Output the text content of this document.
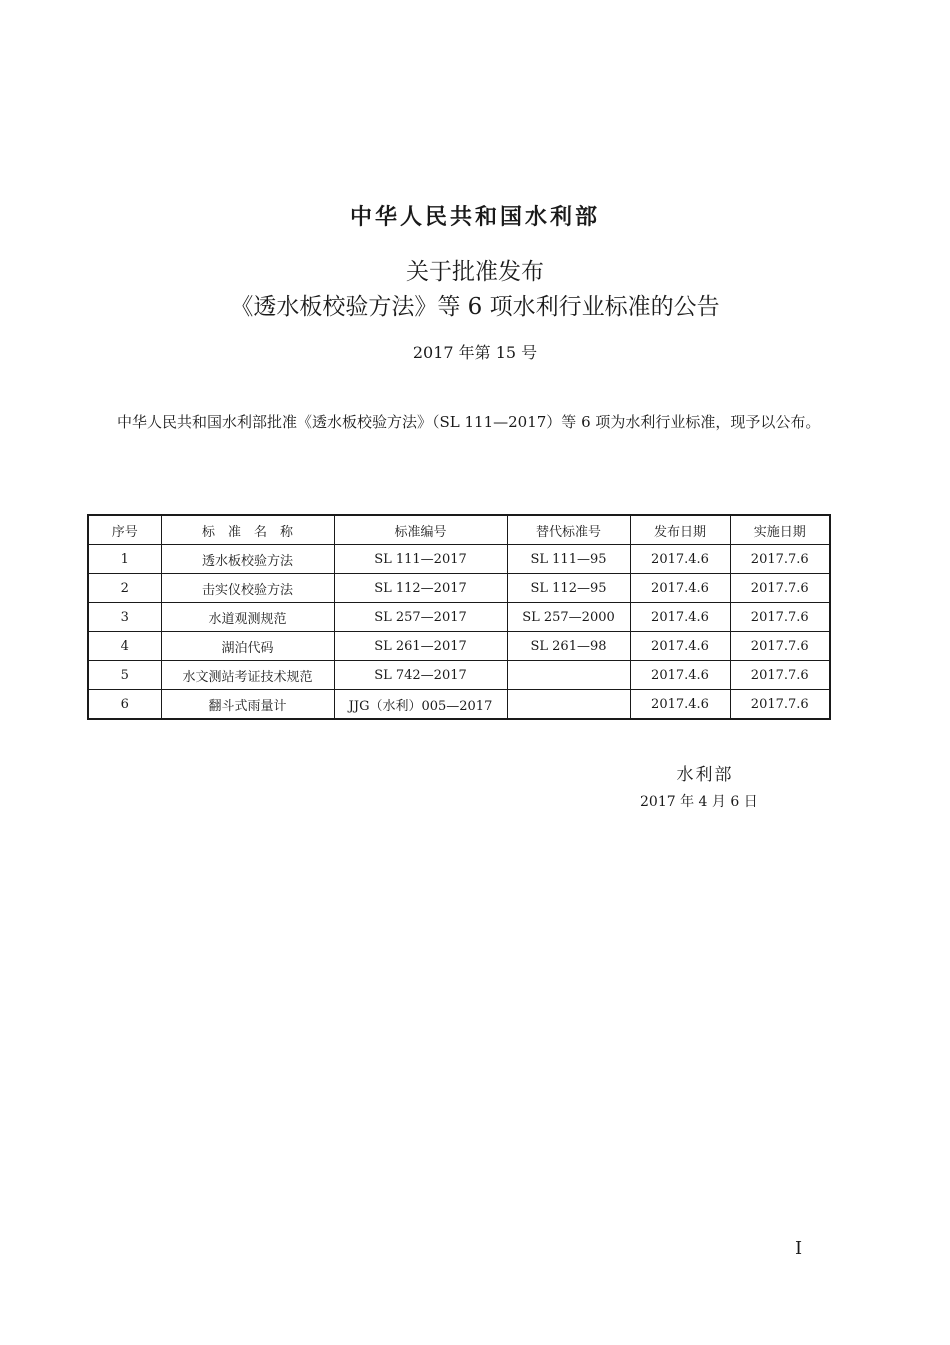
中华人民共和国水利部
关于批准发布
《透水板校验方法》等 6 项水利行业标准的公告
2017 年第 15 号
中华人民共和国水利部批准《透水板校验方法》（SL 111—2017）等 6 项为水利行业标准，现予以公布。
序号	标　准　名　称	标准编号	替代标准号	发布日期	实施日期
1	透水板校验方法	SL 111—2017	SL 111—95	2017.4.6	2017.7.6
2	击实仪校验方法	SL 112—2017	SL 112—95	2017.4.6	2017.7.6
3	水道观测规范	SL 257—2017	SL 257—2000	2017.4.6	2017.7.6
4	湖泊代码	SL 261—2017	SL 261—98	2017.4.6	2017.7.6
5	水文测站考证技术规范	SL 742—2017		2017.4.6	2017.7.6
6	翻斗式雨量计	JJG（水利）005—2017		2017.4.6	2017.7.6
水利部
2017 年 4 月 6 日
I
